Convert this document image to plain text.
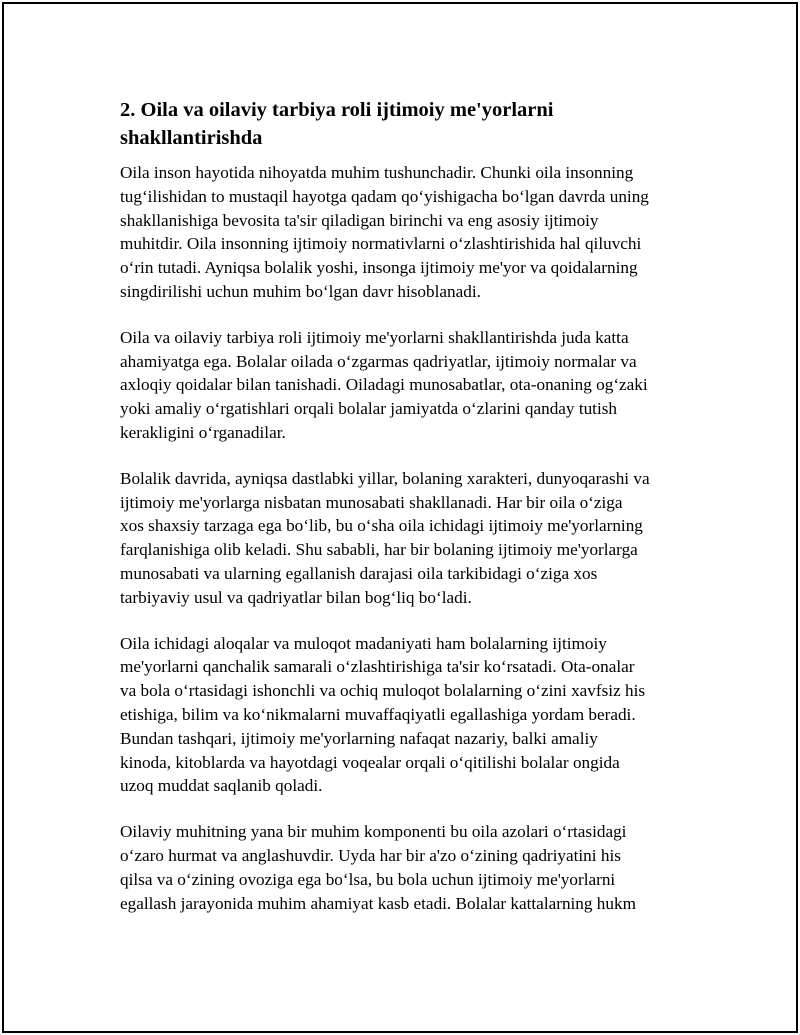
2. Oila va oilaviy tarbiya roli ijtimoiy me'yorlarni
shakllantirishda

Oila inson hayotida nihoyatda muhim tushunchadir. Chunki oila insonning
tug‘ilishidan to mustaqil hayotga qadam qo‘yishigacha bo‘lgan davrda uning
shakllanishiga bevosita ta'sir qiladigan birinchi va eng asosiy ijtimoiy
muhitdir. Oila insonning ijtimoiy normativlarni o‘zlashtirishida hal qiluvchi
o‘rin tutadi. Ayniqsa bolalik yoshi, insonga ijtimoiy me'yor va qoidalarning
singdirilishi uchun muhim bo‘lgan davr hisoblanadi.

Oila va oilaviy tarbiya roli ijtimoiy me'yorlarni shakllantirishda juda katta
ahamiyatga ega. Bolalar oilada o‘zgarmas qadriyatlar, ijtimoiy normalar va
axloqiy qoidalar bilan tanishadi. Oiladagi munosabatlar, ota-onaning og‘zaki
yoki amaliy o‘rgatishlari orqali bolalar jamiyatda o‘zlarini qanday tutish
kerakligini o‘rganadilar.

Bolalik davrida, ayniqsa dastlabki yillar, bolaning xarakteri, dunyoqarashi va
ijtimoiy me'yorlarga nisbatan munosabati shakllanadi. Har bir oila o‘ziga
xos shaxsiy tarzaga ega bo‘lib, bu o‘sha oila ichidagi ijtimoiy me'yorlarning
farqlanishiga olib keladi. Shu sababli, har bir bolaning ijtimoiy me'yorlarga
munosabati va ularning egallanish darajasi oila tarkibidagi o‘ziga xos
tarbiyaviy usul va qadriyatlar bilan bog‘liq bo‘ladi.

Oila ichidagi aloqalar va muloqot madaniyati ham bolalarning ijtimoiy
me'yorlarni qanchalik samarali o‘zlashtirishiga ta'sir ko‘rsatadi. Ota-onalar
va bola o‘rtasidagi ishonchli va ochiq muloqot bolalarning o‘zini xavfsiz his
etishiga, bilim va ko‘nikmalarni muvaffaqiyatli egallashiga yordam beradi.
Bundan tashqari, ijtimoiy me'yorlarning nafaqat nazariy, balki amaliy
kinoda, kitoblarda va hayotdagi voqealar orqali o‘qitilishi bolalar ongida
uzoq muddat saqlanib qoladi.

Oilaviy muhitning yana bir muhim komponenti bu oila azolari o‘rtasidagi
o‘zaro hurmat va anglashuvdir. Uyda har bir a'zo o‘zining qadriyatini his
qilsa va o‘zining ovoziga ega bo‘lsa, bu bola uchun ijtimoiy me'yorlarni
egallash jarayonida muhim ahamiyat kasb etadi. Bolalar kattalarning hukm
